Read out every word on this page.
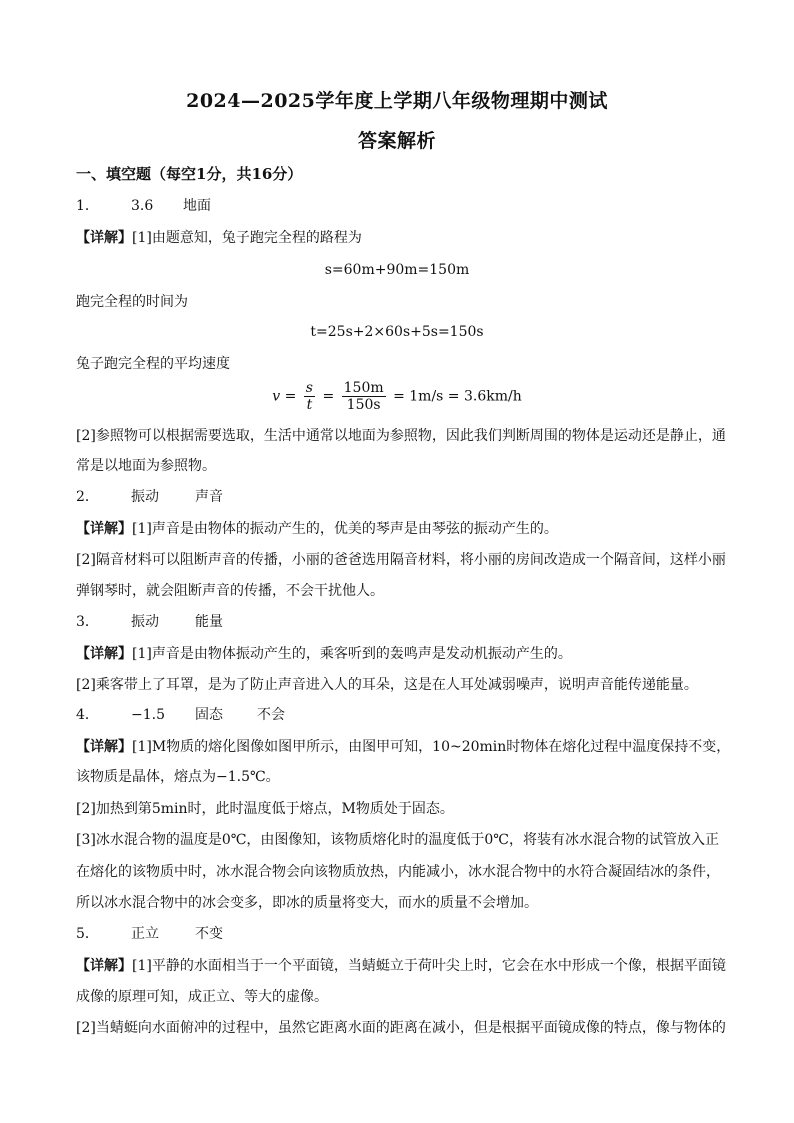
2024—2025学年度上学期八年级物理期中测试
答案解析
一、填空题（每空1分，共16分）
1． 3.6 地面
【详解】[1]由题意知，兔子跑完全程的路程为
s=60m+90m=150m
跑完全程的时间为
t=25s+2×60s+5s=150s
兔子跑完全程的平均速度
$v = \frac{s}{t} = \frac{150m}{150s} = 1m/s = 3.6km/h$
[2]参照物可以根据需要选取，生活中通常以地面为参照物，因此我们判断周围的物体是运动还是静止，通
常是以地面为参照物。
2． 振动	声音
【详解】[1]声音是由物体的振动产生的，优美的琴声是由琴弦的振动产生的。
[2]隔音材料可以阻断声音的传播，小丽的爸爸选用隔音材料，将小丽的房间改造成一个隔音间，这样小丽
弹钢琴时，就会阻断声音的传播，不会干扰他人。
3． 振动	能量
【详解】[1]声音是由物体振动产生的，乘客听到的轰鸣声是发动机振动产生的。
[2]乘客带上了耳罩，是为了防止声音进入人的耳朵，这是在人耳处减弱噪声，说明声音能传递能量。
4． −1.5 固态 不会
【详解】[1]M物质的熔化图像如图甲所示，由图甲可知，10~20min时物体在熔化过程中温度保持不变，
该物质是晶体，熔点为−1.5℃。
[2]加热到第5min时，此时温度低于熔点，M物质处于固态。
[3]冰水混合物的温度是0℃，由图像知，该物质熔化时的温度低于0℃，将装有冰水混合物的试管放入正
在熔化的该物质中时，冰水混合物会向该物质放热，内能减小，冰水混合物中的水符合凝固结冰的条件，
所以冰水混合物中的冰会变多，即冰的质量将变大，而水的质量不会增加。
5． 正立	不变
【详解】[1]平静的水面相当于一个平面镜，当蜻蜓立于荷叶尖上时，它会在水中形成一个像，根据平面镜
成像的原理可知，成正立、等大的虚像。
[2]当蜻蜓向水面俯冲的过程中，虽然它距离水面的距离在减小，但是根据平面镜成像的特点，像与物体的
